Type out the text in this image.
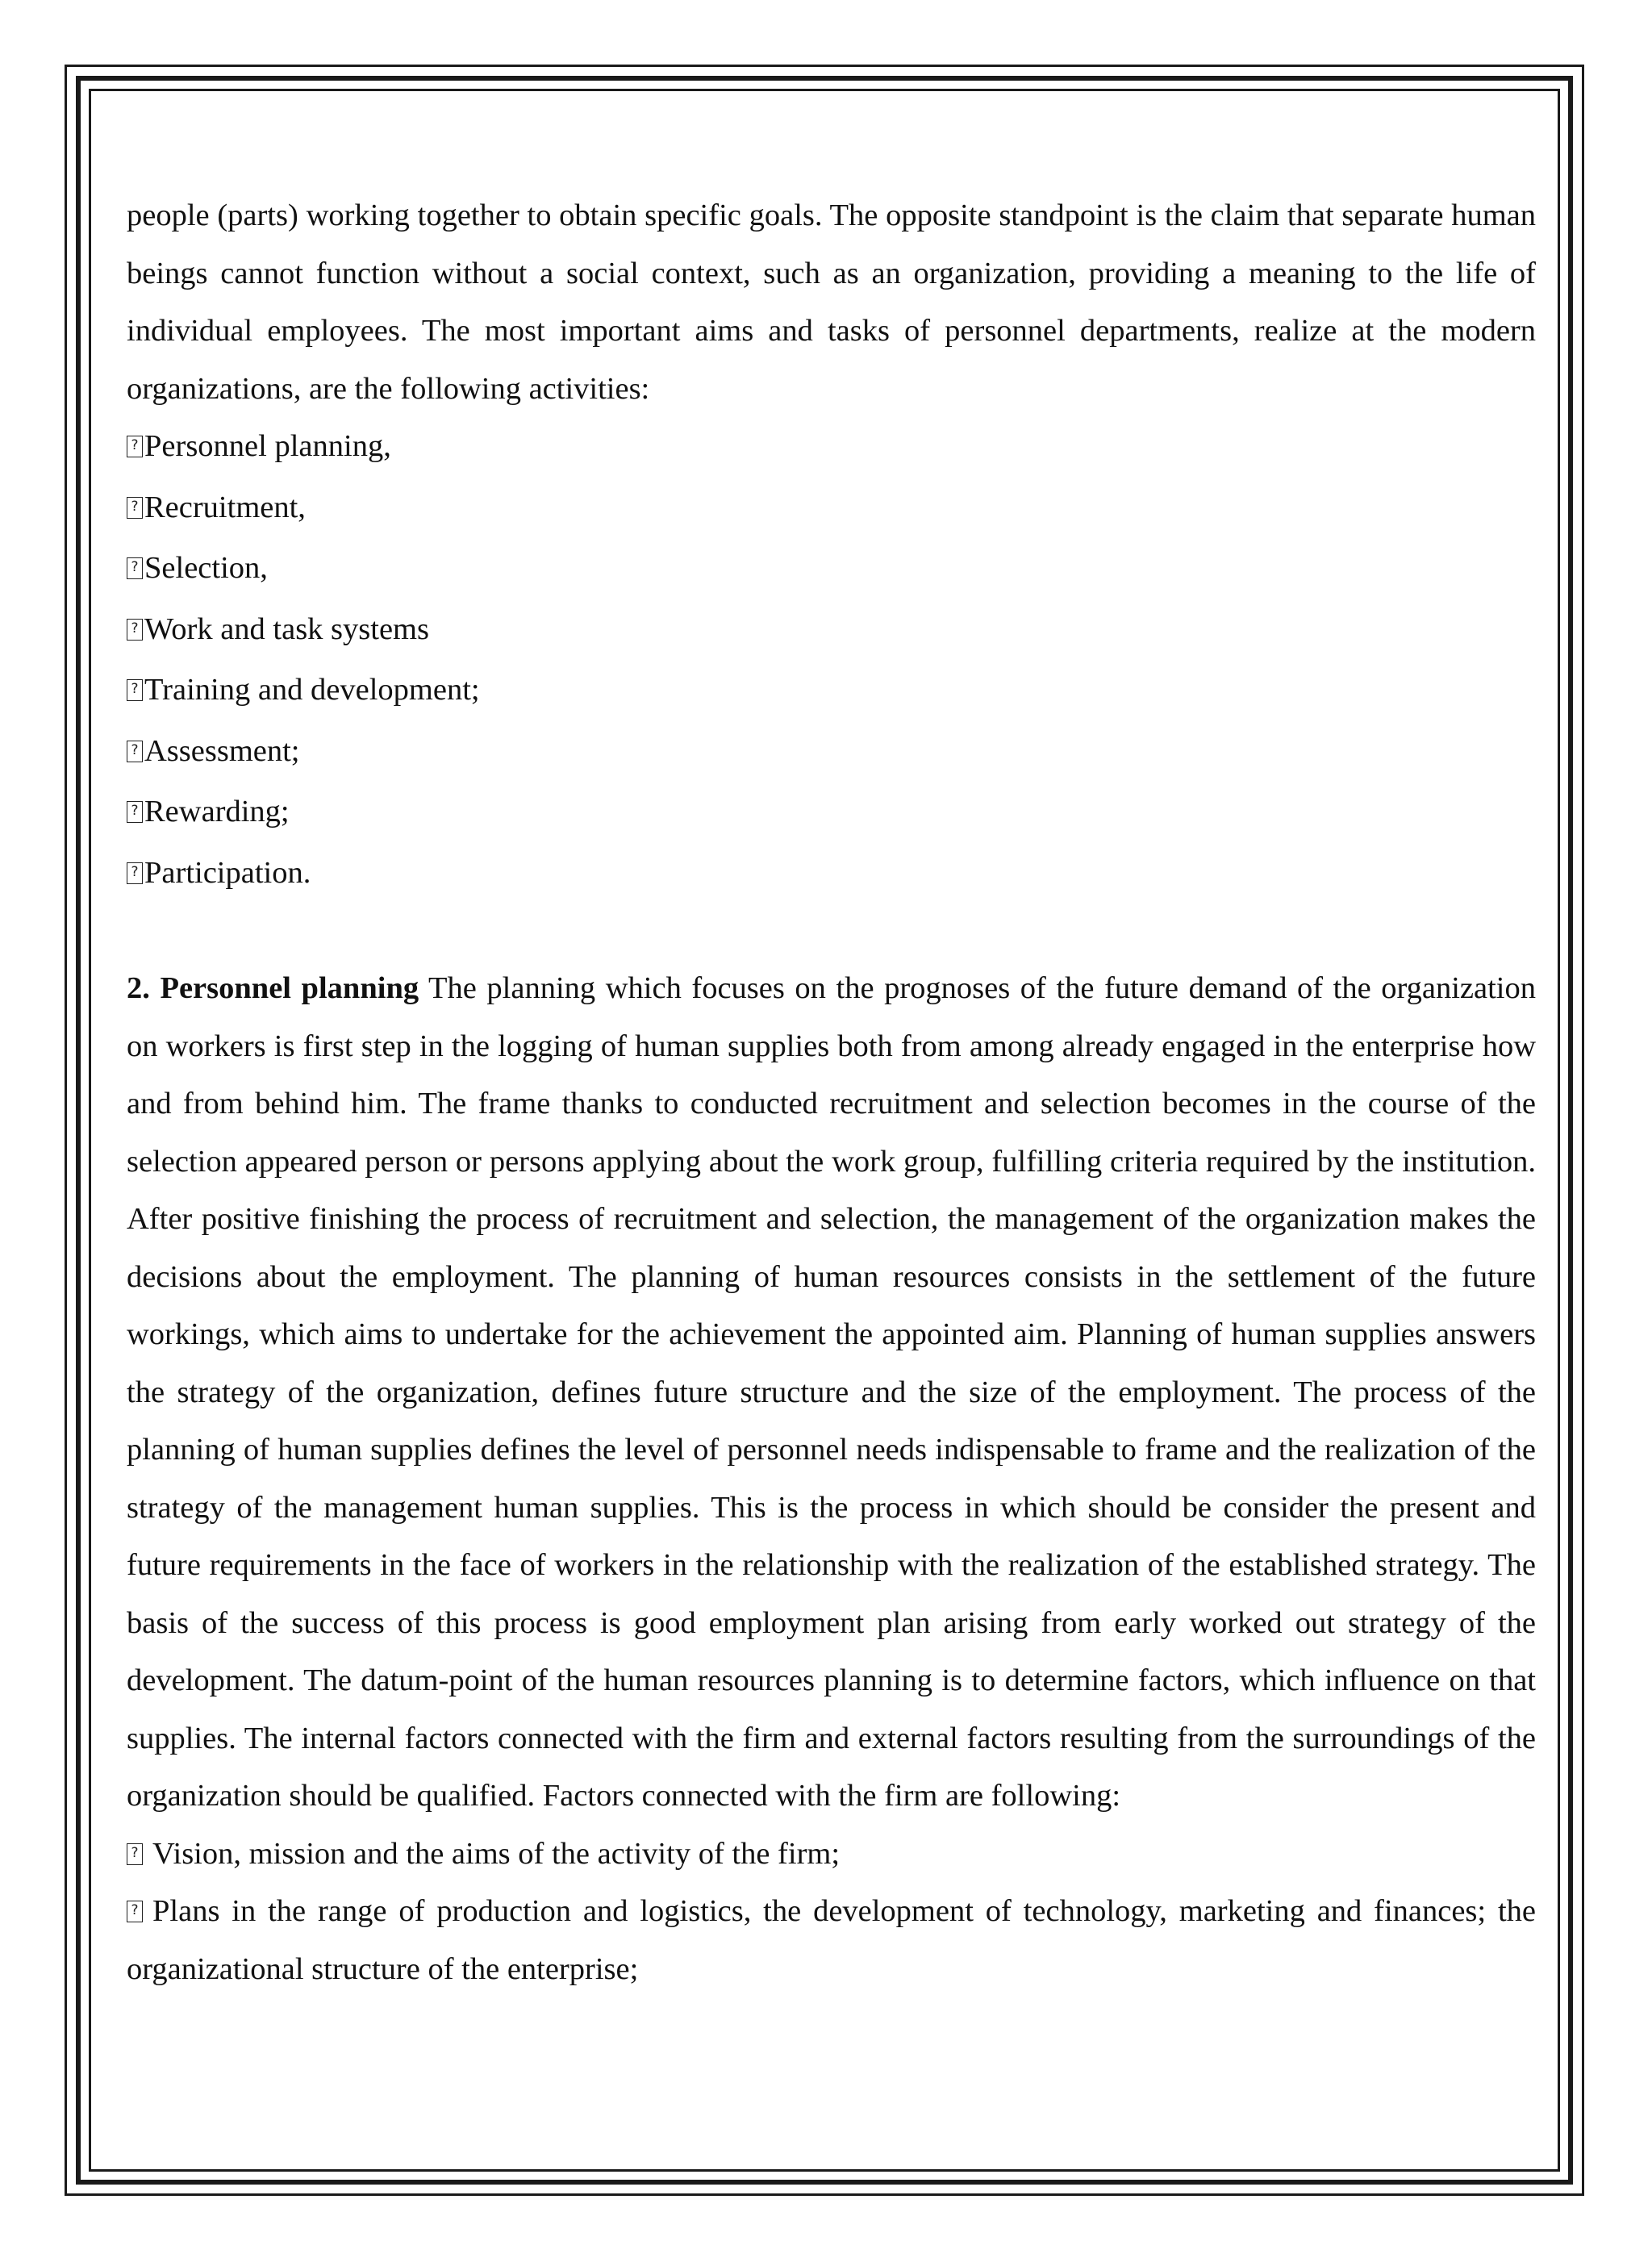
people (parts) working together to obtain specific goals. The opposite standpoint is the claim that separate human beings cannot function without a social context, such as an organization, providing a meaning to the life of individual employees. The most important aims and tasks of personnel departments, realize at the modern organizations, are the following activities:

?Personnel planning,
?Recruitment,
?Selection,
?Work and task systems
?Training and development;
?Assessment;
?Rewarding;
?Participation.

2. Personnel planning The planning which focuses on the prognoses of the future demand of the organization on workers is first step in the logging of human supplies both from among already engaged in the enterprise how and from behind him. The frame thanks to conducted recruitment and selection becomes in the course of the selection appeared person or persons applying about the work group, fulfilling criteria required by the institution. After positive finishing the process of recruitment and selection, the management of the organization makes the decisions about the employment. The planning of human resources consists in the settlement of the future workings, which aims to undertake for the achievement the appointed aim. Planning of human supplies answers the strategy of the organization, defines future structure and the size of the employment. The process of the planning of human supplies defines the level of personnel needs indispensable to frame and the realization of the strategy of the management human supplies. This is the process in which should be consider the present and future requirements in the face of workers in the relationship with the realization of the established strategy. The basis of the success of this process is good employment plan arising from early worked out strategy of the development. The datum-point of the human resources planning is to determine factors, which influence on that supplies. The internal factors connected with the firm and external factors resulting from the surroundings of the organization should be qualified. Factors connected with the firm are following:

?Vision, mission and the aims of the activity of the firm;

?Plans in the range of production and logistics, the development of technology, marketing and finances; the organizational structure of the enterprise;
